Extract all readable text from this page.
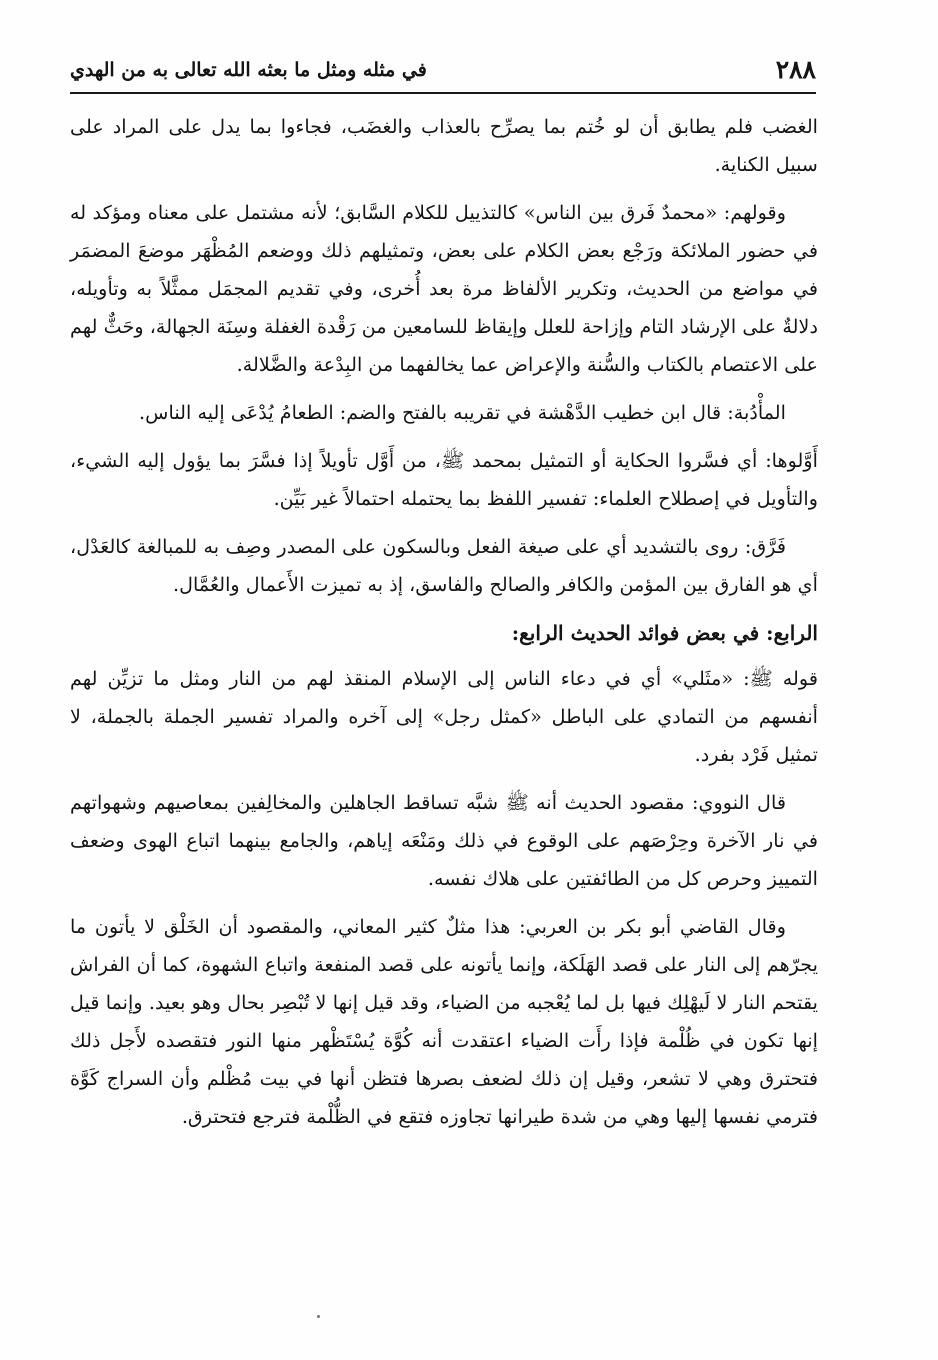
٢٨٨
في مثله ومثل ما بعثه الله تعالى به من الهدي

الغضب فلم يطابق أن لو خُتم بما يصرِّح بالعذاب والغضَب، فجاءوا بما يدل على المراد على سبيل الكناية.

وقولهم: «محمدٌ فَرق بين الناس» كالتذييل للكلام السَّابق؛ لأنه مشتمل على معناه ومؤكد له في حضور الملائكة ورَجْع بعض الكلام على بعض، وتمثيلهم ذلك ووضعم المُظْهَر موضعَ المضمَر في مواضع من الحديث، وتكرير الألفاظ مرة بعد أُخرى، وفي تقديم المجمَل ممثَّلاً به وتأويله، دلالةٌ على الإرشاد التام وإزاحة للعلل وإيقاظ للسامعين من رَقْدة الغفلة وسِنَة الجهالة، وحَثٌّ لهم على الاعتصام بالكتاب والسُّنة والإعراض عما يخالفهما من البِدْعة والضَّلالة.

المأْدُبة: قال ابن خطيب الدَّهْشة في تقريبه بالفتح والضم: الطعامُ يُدْعَى إليه الناس.

أَوَّلوها: أي فسَّروا الحكاية أو التمثيل بمحمد ﷺ، من أَوَّل تأويلاً إذا فسَّرَ بما يؤول إليه الشيء، والتأويل في إصطلاح العلماء: تفسير اللفظ بما يحتمله احتمالاً غير بَيِّن.

فَرَّق: روى بالتشديد أي على صيغة الفعل وبالسكون على المصدر وصِف به للمبالغة كالعَدْل، أي هو الفارق بين المؤمن والكافر والصالح والفاسق، إذ به تميزت الأَعمال والعُمَّال.

الرابع: في بعض فوائد الحديث الرابع:

قوله ﷺ: «مثَلي» أي في دعاء الناس إلى الإسلام المنقذ لهم من النار ومثل ما تزيِّن لهم أنفسهم من التمادي على الباطل «كمثل رجل» إلى آخره والمراد تفسير الجملة بالجملة، لا تمثيل فَرْد بفرد.

قال النووي: مقصود الحديث أنه ﷺ شبَّه تساقط الجاهلين والمخالِفين بمعاصيهم وشهواتهم في نار الآخرة وحِرْصَهم على الوقوع في ذلك ومَنْعَه إياهم، والجامع بينهما اتباع الهوى وضعف التمييز وحرص كل من الطائفتين على هلاك نفسه.

وقال القاضي أبو بكر بن العربي: هذا مثلٌ كثير المعاني، والمقصود أن الخَلْق لا يأتون ما يجرّهم إلى النار على قصد الهَلَكة، وإنما يأتونه على قصد المنفعة واتباع الشهوة، كما أن الفراش يقتحم النار لا لَيهْلِك فيها بل لما يُعْجبه من الضياء، وقد قيل إنها لا تُبْصِر بحال وهو بعيد. وإنما قيل إنها تكون في ظُلْمة فإذا رأَت الضياء اعتقدت أنه كُوَّة يُسْتَظْهر منها النور فتقصده لأَجل ذلك فتحترق وهي لا تشعر، وقيل إن ذلك لضعف بصرها فتظن أنها في بيت مُظْلم وأن السراج كَوَّة فترمي نفسها إليها وهي من شدة طيرانها تجاوزه فتقع في الظُّلْمة فترجع فتحترق.
